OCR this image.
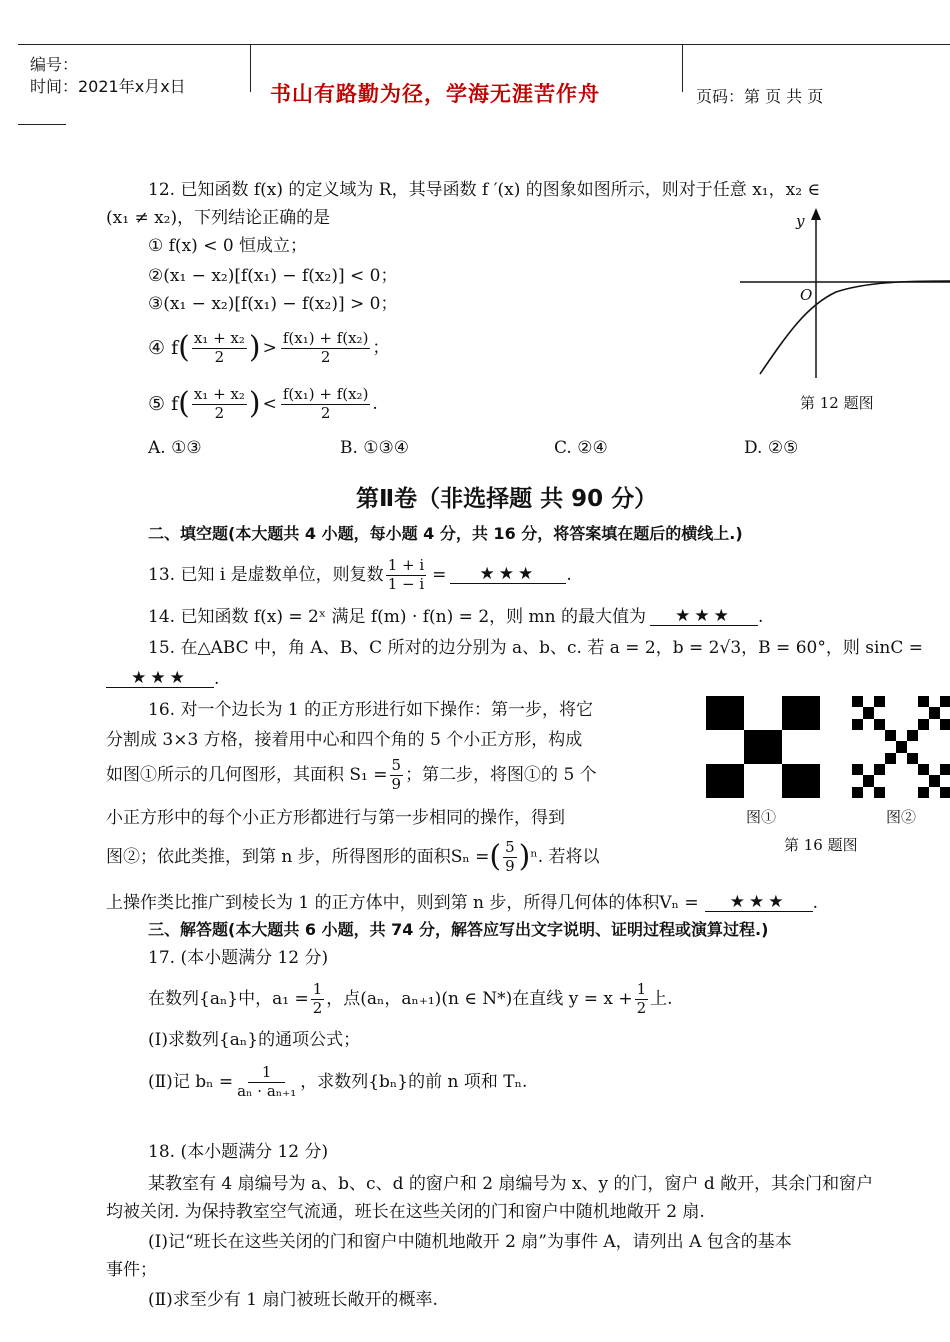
编号：
时间：2021年x月x日	书山有路勤为径，学海无涯苦作舟	页码：第 页 共 页
12. 已知函数 f(x) 的定义域为 R，其导函数 f ′(x) 的图象如图所示，则对于任意 x₁，x₂ ∈
(x₁ ≠ x₂)，下列结论正确的是
① f(x) < 0 恒成立；
②(x₁ − x₂)[f(x₁) − f(x₂)] < 0；
③(x₁ − x₂)[f(x₁) − f(x₂)] > 0；
④ f ( $\frac{\text{x₁ + x₂}}{2}$ ) > $\frac{\text{f(x₁) + f(x₂)}}{2}$ ；
⑤ f ( $\frac{\text{x₁ + x₂}}{2}$ ) < $\frac{\text{f(x₁) + f(x₂)}}{2}$ .
A. ①③	B. ①③④	C. ②④	D. ②⑤
y
O
第 12 题图
第Ⅱ卷（非选择题 共 90 分）
二、填空题(本大题共 4 小题，每小题 4 分，共 16 分，将答案填在题后的横线上.)
13. 已知 i 是虚数单位，则复数 $\frac{1 + i}{1 - i}$ =	★★★	.
14. 已知函数 f(x) = 2ˣ 满足 f(m) · f(n) = 2，则 mn 的最大值为	★★★	.
15. 在△ABC 中，角 A、B、C 所对的边分别为 a、b、c. 若 a = 2，b = 2√3，B = 60°，则 sinC =
★★★	.
16. 对一个边长为 1 的正方形进行如下操作：第一步，将它
分割成 3×3 方格，接着用中心和四个角的 5 个小正方形，构成
如图①所示的几何图形，其面积 $S_1 = \frac{5}{9}$ ；第二步，将图①的 5 个
小正方形中的每个小正方形都进行与第一步相同的操作，得到
图②；依此类推，到第 n 步，所得图形的面积Sₙ = ( $\frac{5}{9}$ ) ⁿ. 若将以
上操作类比推广到棱长为 1 的正方体中，则到第 n 步，所得几何体的体积Vₙ =	★★★	.
图①	图②
第 16 题图
三、解答题(本大题共 6 小题，共 74 分，解答应写出文字说明、证明过程或演算过程.)
17. (本小题满分 12 分)
在数列{aₙ}中，$a_1 = \frac{1}{2}$ ，点(aₙ，aₙ₊₁)(n ∈ N*)在直线 $y = x + \frac{1}{2}$ 上.
(Ⅰ)求数列{aₙ}的通项公式；
(Ⅱ)记 $b_n = \frac{1}{\text{aₙ · aₙ₊₁}}$ ，求数列{bₙ}的前 n 项和 Tₙ.
18. (本小题满分 12 分)
某教室有 4 扇编号为 a、b、c、d 的窗户和 2 扇编号为 x、y 的门，窗户 d 敞开，其余门和窗户
均被关闭. 为保持教室空气流通，班长在这些关闭的门和窗户中随机地敞开 2 扇.
(Ⅰ)记“班长在这些关闭的门和窗户中随机地敞开 2 扇”为事件 A，请列出 A 包含的基本
事件；
(Ⅱ)求至少有 1 扇门被班长敞开的概率.
